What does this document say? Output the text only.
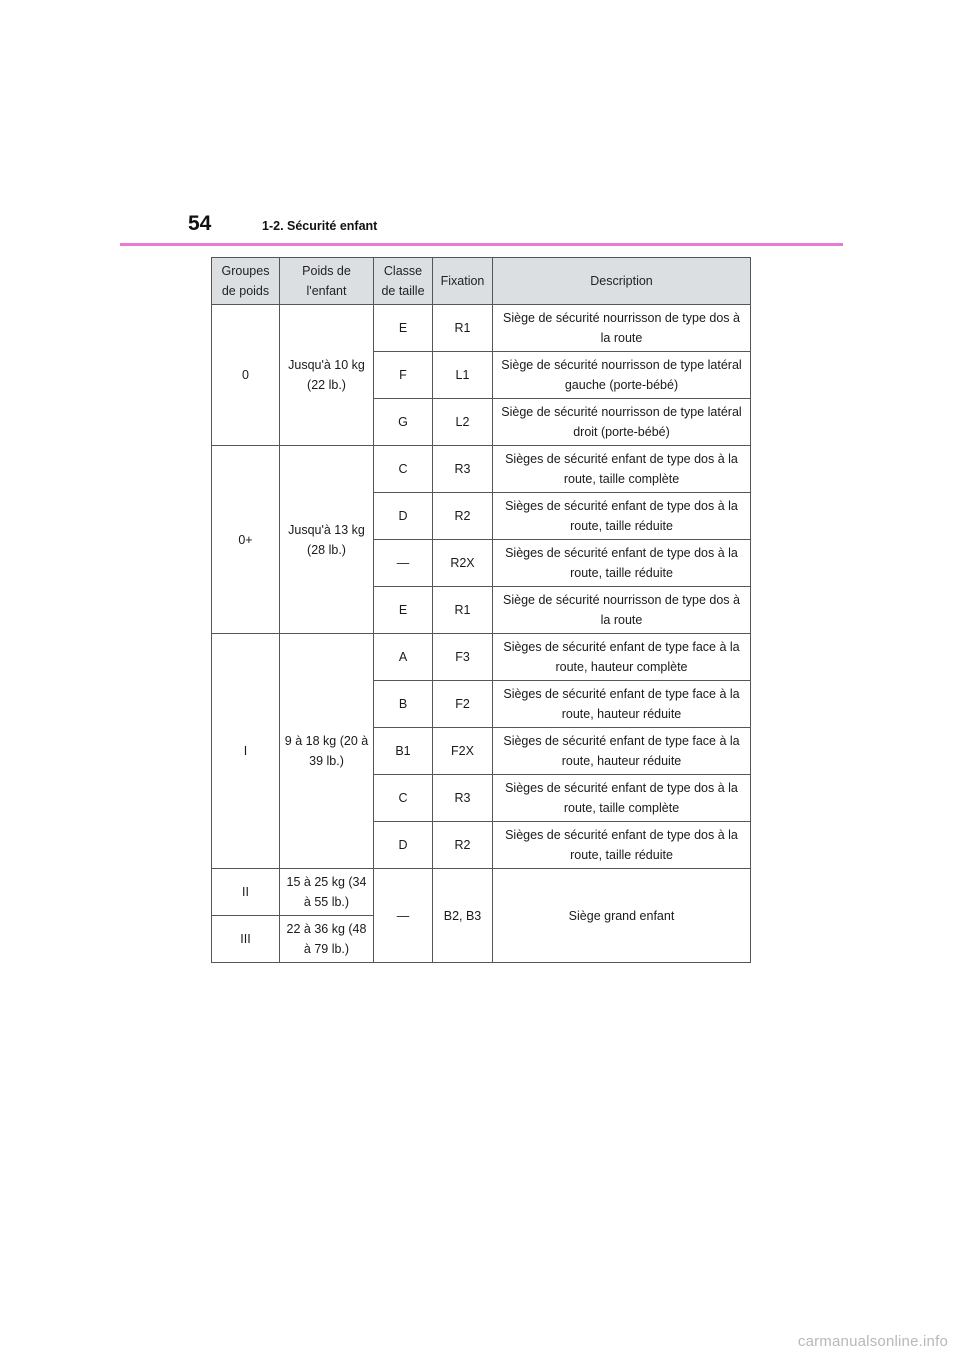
54	1-2. Sécurité enfant
Groupes de poids	Poids de l'enfant	Classe de taille	Fixation	Description
0	Jusqu'à 10 kg (22 lb.)	E	R1	Siège de sécurité nourrisson de type dos à la route
		F	L1	Siège de sécurité nourrisson de type latéral gauche (porte-bébé)
		G	L2	Siège de sécurité nourrisson de type latéral droit (porte-bébé)
0+	Jusqu'à 13 kg (28 lb.)	C	R3	Sièges de sécurité enfant de type dos à la route, taille complète
		D	R2	Sièges de sécurité enfant de type dos à la route, taille réduite
		—	R2X	Sièges de sécurité enfant de type dos à la route, taille réduite
		E	R1	Siège de sécurité nourrisson de type dos à la route
I	9 à 18 kg (20 à 39 lb.)	A	F3	Sièges de sécurité enfant de type face à la route, hauteur complète
		B	F2	Sièges de sécurité enfant de type face à la route, hauteur réduite
		B1	F2X	Sièges de sécurité enfant de type face à la route, hauteur réduite
		C	R3	Sièges de sécurité enfant de type dos à la route, taille complète
		D	R2	Sièges de sécurité enfant de type dos à la route, taille réduite
II	15 à 25 kg (34 à 55 lb.)	—	B2, B3	Siège grand enfant
III	22 à 36 kg (48 à 79 lb.)			
carmanualsonline.info
